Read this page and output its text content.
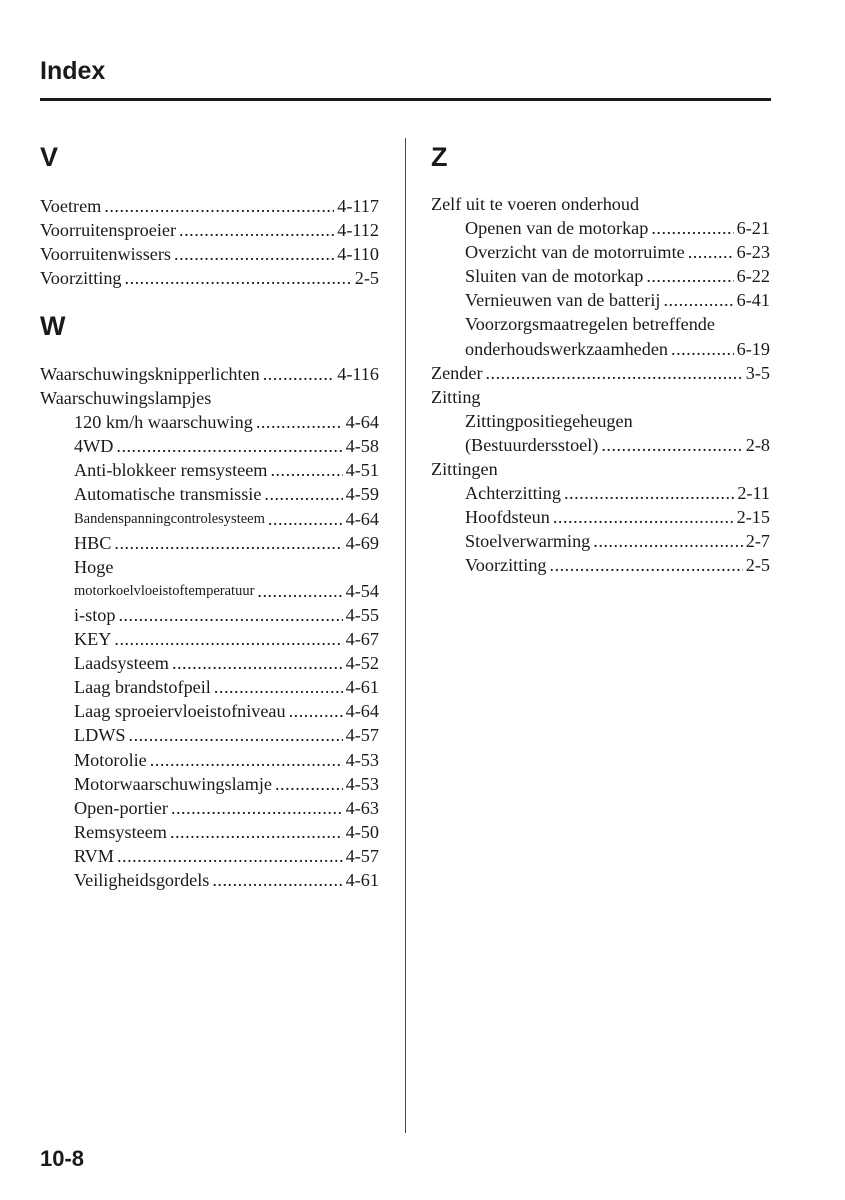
Index
V
Voetrem .....	4-117
Voorruitensproeier .....	4-112
Voorruitenwissers .....	4-110
Voorzitting .....	2-5
W
Waarschuwingsknipperlichten .....	4-116
Waarschuwingslampjes
120 km/h waarschuwing .....	4-64
4WD .....	4-58
Anti-blokkeer remsysteem .....	4-51
Automatische transmissie .....	4-59
Bandenspanningcontrolesysteem .....	4-64
HBC .....	4-69
Hoge
motorkoelvloeistoftemperatuur .....	4-54
i-stop .....	4-55
KEY .....	4-67
Laadsysteem .....	4-52
Laag brandstofpeil .....	4-61
Laag sproeiervloeistofniveau .....	4-64
LDWS .....	4-57
Motorolie .....	4-53
Motorwaarschuwingslamje .....	4-53
Open-portier .....	4-63
Remsysteem .....	4-50
RVM .....	4-57
Veiligheidsgordels .....	4-61
Z
Zelf uit te voeren onderhoud
Openen van de motorkap .....	6-21
Overzicht van de motorruimte .....	6-23
Sluiten van de motorkap .....	6-22
Vernieuwen van de batterij .....	6-41
Voorzorgsmaatregelen betreffende
onderhoudswerkzaamheden .....	6-19
Zender .....	3-5
Zitting
Zittingpositiegeheugen
(Bestuurdersstoel) .....	2-8
Zittingen
Achterzitting .....	2-11
Hoofdsteun .....	2-15
Stoelverwarming .....	2-7
Voorzitting .....	2-5
10-8
